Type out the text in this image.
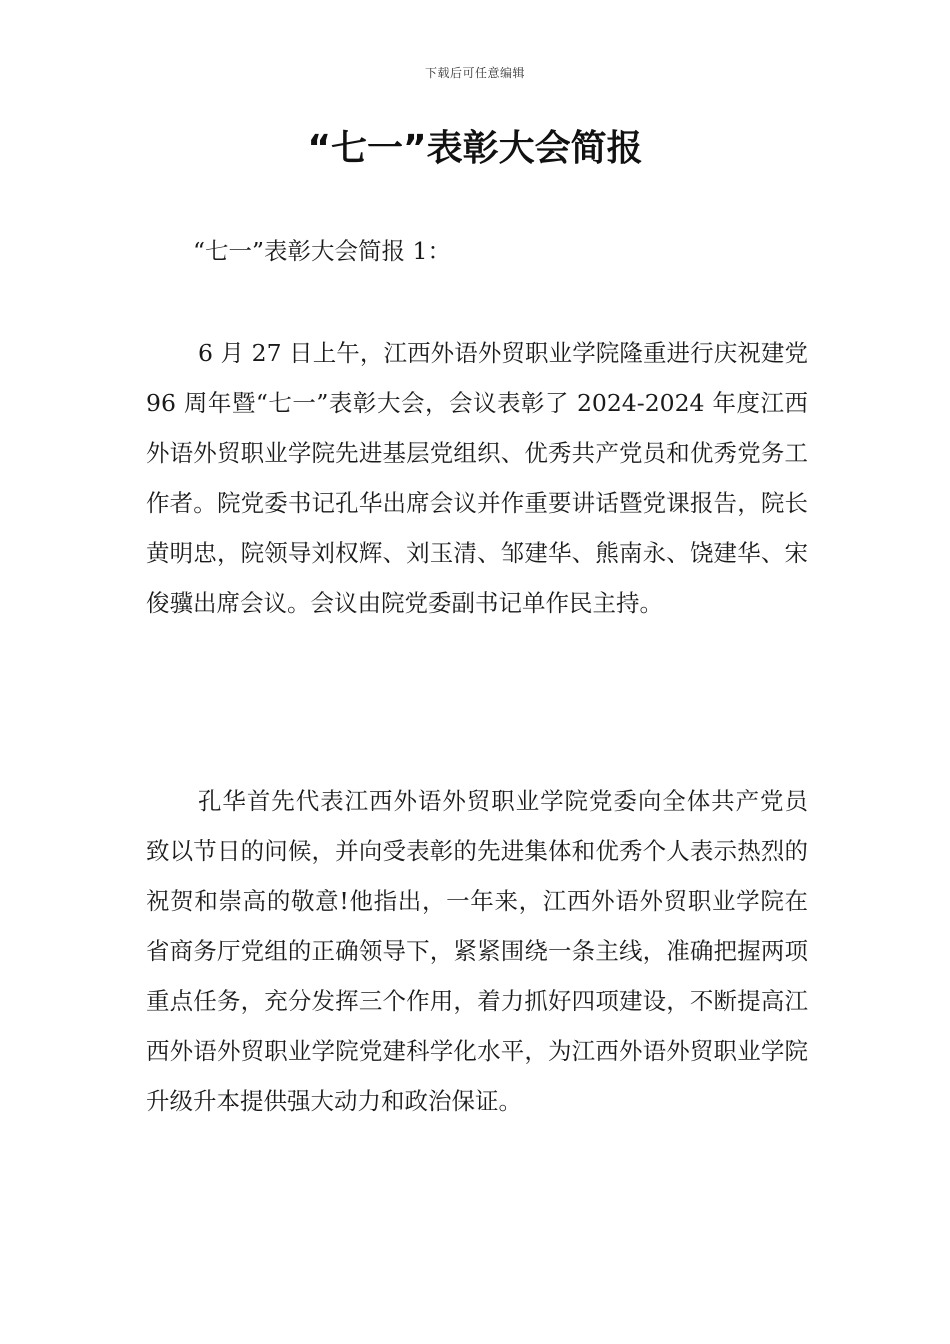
下载后可任意编辑
“七一”表彰大会简报

“七一”表彰大会简报 1：

6 月 27 日上午，江西外语外贸职业学院隆重进行庆祝建党 96 周年暨“七一”表彰大会，会议表彰了 2024-2024 年度江西外语外贸职业学院先进基层党组织、优秀共产党员和优秀党务工作者。院党委书记孔华出席会议并作重要讲话暨党课报告，院长黄明忠，院领导刘权辉、刘玉清、邹建华、熊南永、饶建华、宋俊骥出席会议。会议由院党委副书记单作民主持。

孔华首先代表江西外语外贸职业学院党委向全体共产党员致以节日的问候，并向受表彰的先进集体和优秀个人表示热烈的祝贺和崇高的敬意!他指出，一年来，江西外语外贸职业学院在省商务厅党组的正确领导下，紧紧围绕一条主线，准确把握两项重点任务，充分发挥三个作用，着力抓好四项建设，不断提高江西外语外贸职业学院党建科学化水平，为江西外语外贸职业学院升级升本提供强大动力和政治保证。
